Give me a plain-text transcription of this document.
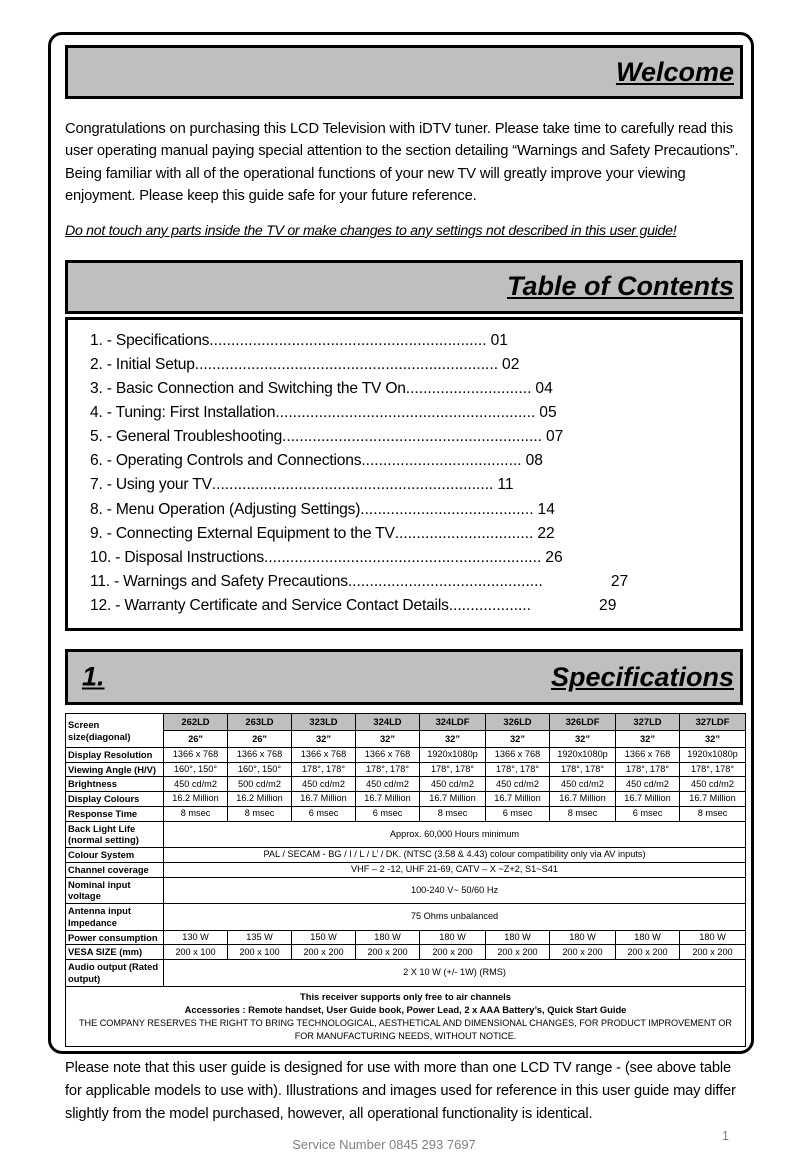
Welcome
Congratulations on purchasing this LCD Television with iDTV tuner. Please take time to carefully read this user operating manual paying special attention to the section detailing “Warnings and Safety Precautions”. Being familiar with all of the operational functions of your new TV will greatly improve your viewing enjoyment. Please keep this guide safe for your future reference.
Do not touch any parts inside the TV or make changes to any settings not described in this user guide!
Table of Contents
1. - Specifications ................................................................ 01
2. - Initial Setup ...................................................................... 02
3. - Basic Connection and Switching the TV On ............................. 04
4. - Tuning: First Installation ............................................................ 05
5. - General Troubleshooting ............................................................ 07
6. - Operating Controls and Connections ..................................... 08
7. - Using your TV ................................................................. 11
8. - Menu Operation (Adjusting Settings) ........................................ 14
9. - Connecting External Equipment to the TV ................................ 22
10. - Disposal Instructions ................................................................ 26
11. - Warnings and Safety Precautions .............................................	27
12. - Warranty Certificate and Service Contact Details ...................	29
1.	Specifications
Screen size(diagonal)	262LD	263LD	323LD	324LD	324LDF	326LD	326LDF	327LD	327LDF
	26"	26"	32”	32”	32”	32”	32”	32”	32”
Display Resolution	1366 x 768	1366 x 768	1366 x 768	1366 x 768	1920x1080p	1366 x 768	1920x1080p	1366 x 768	1920x1080p
Viewing Angle (H/V)	160°, 150°	160°, 150°	178°, 178°	178°, 178°	178°, 178°	178°, 178°	178°, 178°	178°, 178°	178°, 178°
Brightness	450 cd/m2	500 cd/m2	450 cd/m2	450 cd/m2	450 cd/m2	450 cd/m2	450 cd/m2	450 cd/m2	450 cd/m2
Display Colours	16.2 Million	16.2 Million	16.7 Million	16.7 Million	16.7 Million	16.7 Million	16.7 Million	16.7 Million	16.7 Million
Response Time	8 msec	8 msec	6 msec	6 msec	8 msec	6 msec	8 msec	6 msec	8 msec
Back Light Life (normal setting)	Approx. 60,000 Hours minimum								
Colour System	PAL / SECAM - BG / I / L / L’ / DK. (NTSC (3.58 & 4.43) colour compatibility only via AV inputs)								
Channel coverage	VHF – 2 -12, UHF 21-69, CATV – X ~Z+2, S1~S41								
Nominal input voltage	100-240 V~ 50/60 Hz								
Antenna input Impedance	75 Ohms unbalanced								
Power consumption	130 W	135 W	150 W	180 W	180 W	180 W	180 W	180 W	180 W
VESA SIZE (mm)	200 x 100	200 x 100	200 x 200	200 x 200	200 x 200	200 x 200	200 x 200	200 x 200	200 x 200
Audio output (Rated output)	2 X 10 W (+/- 1W) (RMS)								

This receiver supports only free to air channels
Accessories : Remote handset, User Guide book, Power Lead, 2 x AAA Battery’s, Quick Start Guide
THE COMPANY RESERVES THE RIGHT TO BRING TECHNOLOGICAL, AESTHETICAL AND DIMENSIONAL CHANGES, FOR PRODUCT IMPROVEMENT OR FOR MANUFACTURING NEEDS, WITHOUT NOTICE.									
Please note that this user guide is designed for use with more than one LCD TV range - (see above table for applicable models to use with). Illustrations and images used for reference in this user guide may differ slightly from the model purchased, however, all operational functionality is identical.
1
Service Number 0845 293 7697
